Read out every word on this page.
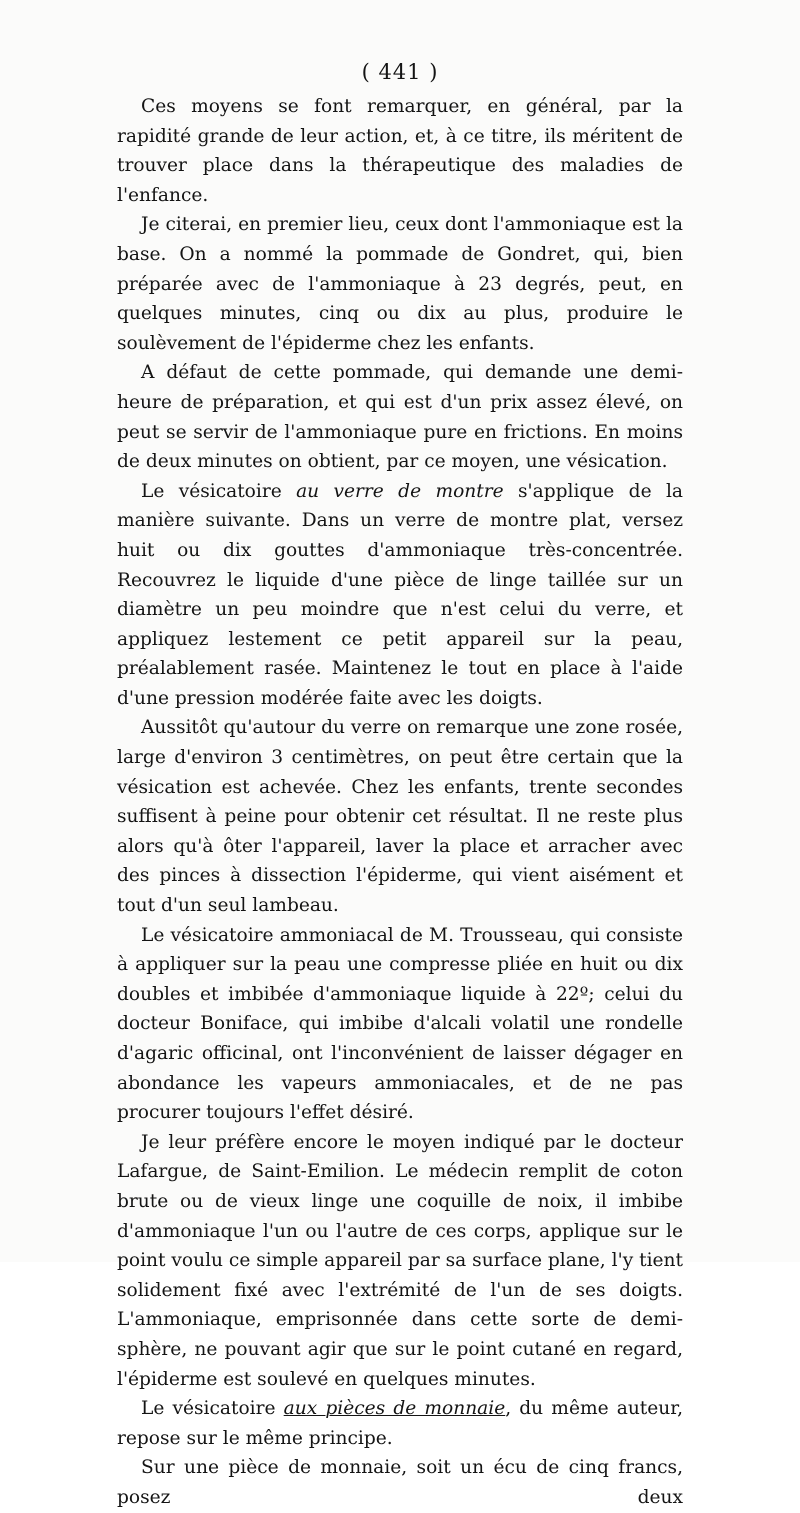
( 441 )

Ces moyens se font remarquer, en général, par la rapidité grande de leur action, et, à ce titre, ils méritent de trouver place dans la thérapeutique des maladies de l'enfance.

Je citerai, en premier lieu, ceux dont l'ammoniaque est la base. On a nommé la pommade de Gondret, qui, bien préparée avec de l'ammoniaque à 23 degrés, peut, en quelques minutes, cinq ou dix au plus, produire le soulèvement de l'épiderme chez les enfants.

A défaut de cette pommade, qui demande une demi-heure de préparation, et qui est d'un prix assez élevé, on peut se servir de l'ammoniaque pure en frictions. En moins de deux minutes on obtient, par ce moyen, une vésication.

Le vésicatoire au verre de montre s'applique de la manière suivante. Dans un verre de montre plat, versez huit ou dix gouttes d'ammoniaque très-concentrée. Recouvrez le liquide d'une pièce de linge taillée sur un diamètre un peu moindre que n'est celui du verre, et appliquez lestement ce petit appareil sur la peau, préalablement rasée. Maintenez le tout en place à l'aide d'une pression modérée faite avec les doigts.

Aussitôt qu'autour du verre on remarque une zone rosée, large d'environ 3 centimètres, on peut être certain que la vésication est achevée. Chez les enfants, trente secondes suffisent à peine pour obtenir cet résultat. Il ne reste plus alors qu'à ôter l'appareil, laver la place et arracher avec des pinces à dissection l'épiderme, qui vient aisément et tout d'un seul lambeau.

Le vésicatoire ammoniacal de M. Trousseau, qui consiste à appliquer sur la peau une compresse pliée en huit ou dix doubles et imbibée d'ammoniaque liquide à 22º; celui du docteur Boniface, qui imbibe d'alcali volatil une rondelle d'agaric officinal, ont l'inconvénient de laisser dégager en abondance les vapeurs ammoniacales, et de ne pas procurer toujours l'effet désiré.

Je leur préfère encore le moyen indiqué par le docteur Lafargue, de Saint-Emilion. Le médecin remplit de coton brute ou de vieux linge une coquille de noix, il imbibe d'ammoniaque l'un ou l'autre de ces corps, applique sur le point voulu ce simple appareil par sa surface plane, l'y tient solidement fixé avec l'extrémité de l'un de ses doigts. L'ammoniaque, emprisonnée dans cette sorte de demi-sphère, ne pouvant agir que sur le point cutané en regard, l'épiderme est soulevé en quelques minutes.

Le vésicatoire aux pièces de monnaie, du même auteur, repose sur le même principe.

Sur une pièce de monnaie, soit un écu de cinq francs, posez deux
